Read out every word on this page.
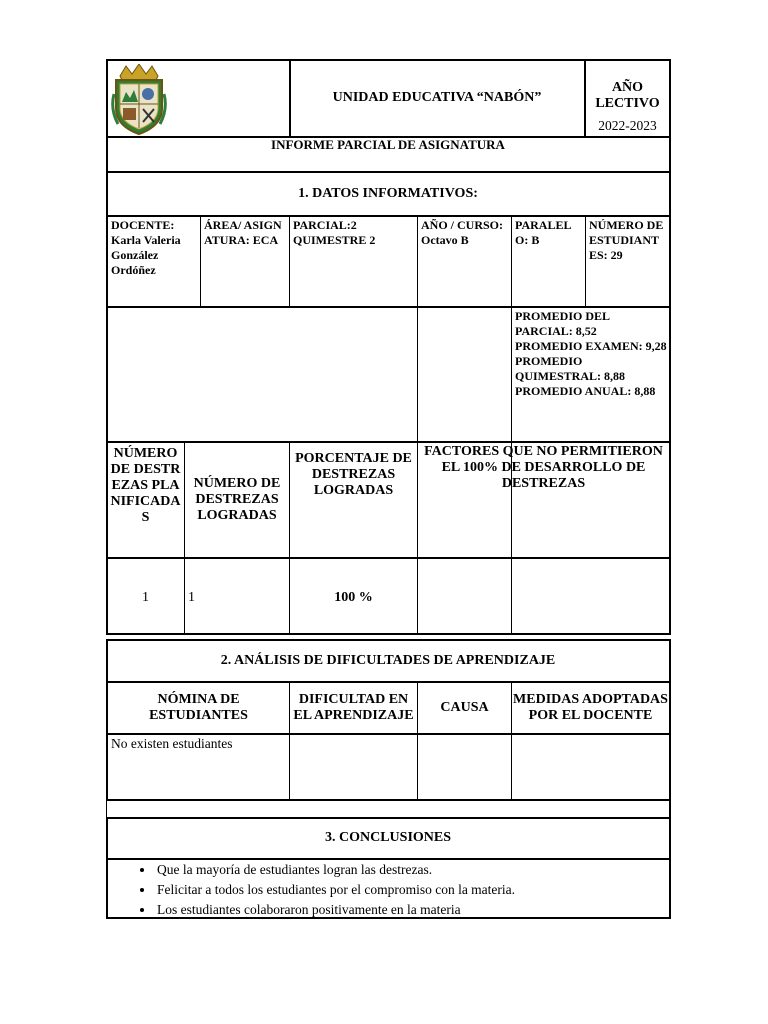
UNIDAD EDUCATIVA “NABÓN”
AÑO
LECTIVO
2022-2023
INFORME PARCIAL DE ASIGNATURA
1. DATOS INFORMATIVOS:
DOCENTE: Karla Valeria González Ordóñez
ÁREA/ ASIGNATURA: ECA
PARCIAL:2 QUIMESTRE 2
AÑO / CURSO: Octavo B
PARALELO: B
NÚMERO DE ESTUDIANTES: 29
PROMEDIO DEL PARCIAL: 8,52
PROMEDIO EXAMEN: 9,28
PROMEDIO QUIMESTRAL: 8,88
PROMEDIO ANUAL: 8,88
NÚMERO DE DESTREZAS PLANIFICADAS
NÚMERO DE DESTREZAS LOGRADAS
PORCENTAJE DE DESTREZAS LOGRADAS
FACTORES QUE NO PERMITIERON EL 100% DE DESARROLLO DE DESTREZAS
1	1	100 %
2. ANÁLISIS DE DIFICULTADES DE APRENDIZAJE
NÓMINA DE ESTUDIANTES
DIFICULTAD EN EL APRENDIZAJE
CAUSA
MEDIDAS ADOPTADAS POR EL DOCENTE
No existen estudiantes
3. CONCLUSIONES
• Que la mayoría de estudiantes logran las destrezas.
• Felicitar a todos los estudiantes por el compromiso con la materia.
• Los estudiantes colaboraron positivamente en la materia
